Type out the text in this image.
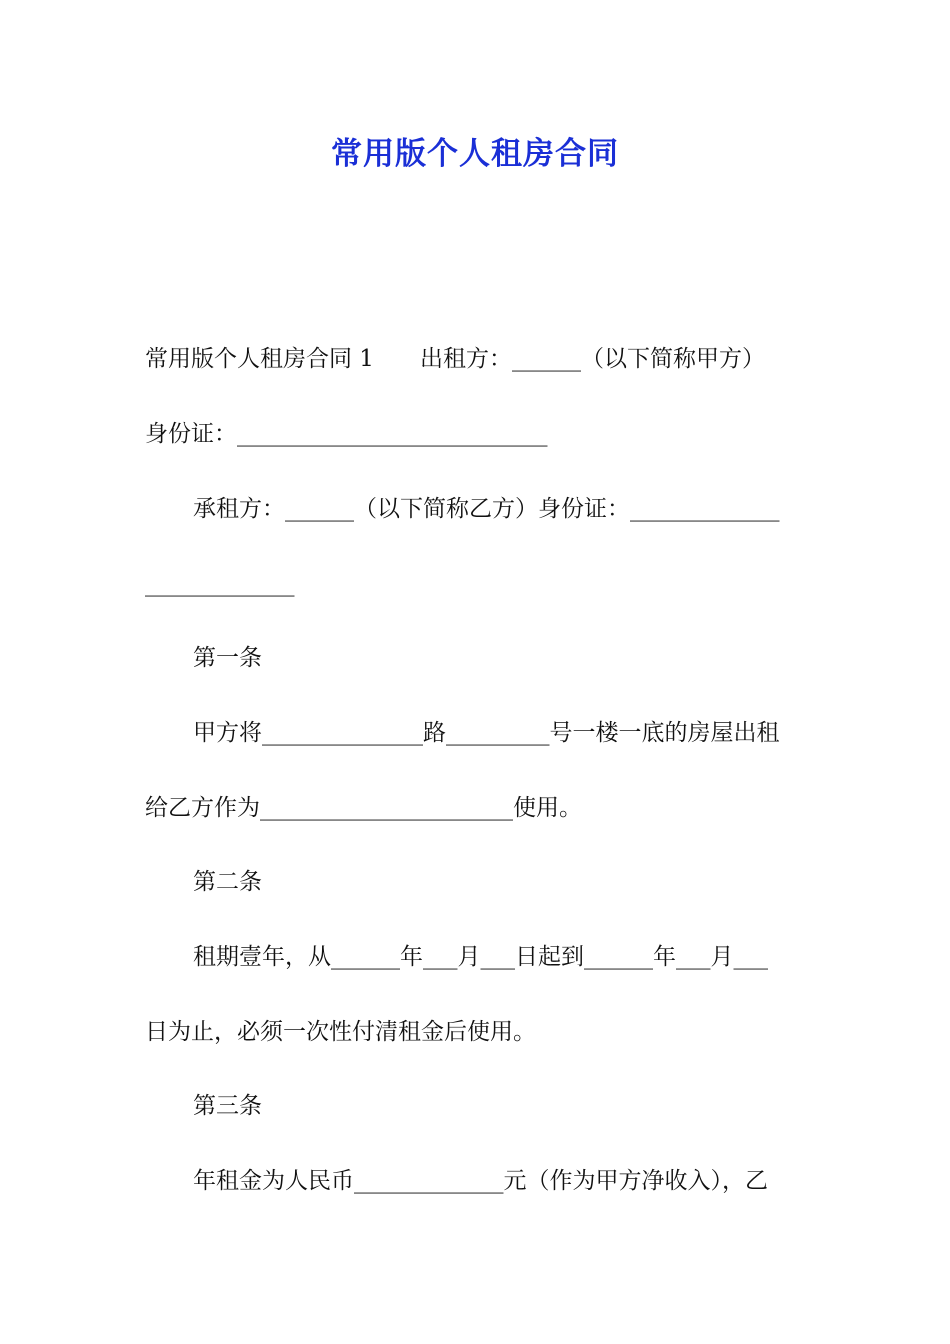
常用版个人租房合同
常用版个人租房合同 1　　出租方：______（以下简称甲方）
身份证：___________________________
承租方：______（以下简称乙方）身份证：_____________
_____________
第一条
甲方将______________路_________号一楼一底的房屋出租
给乙方作为______________________使用。
第二条
租期壹年，从______年___月___日起到______年___月___
日为止，必须一次性付清租金后使用。
第三条
年租金为人民币_____________元（作为甲方净收入），乙
